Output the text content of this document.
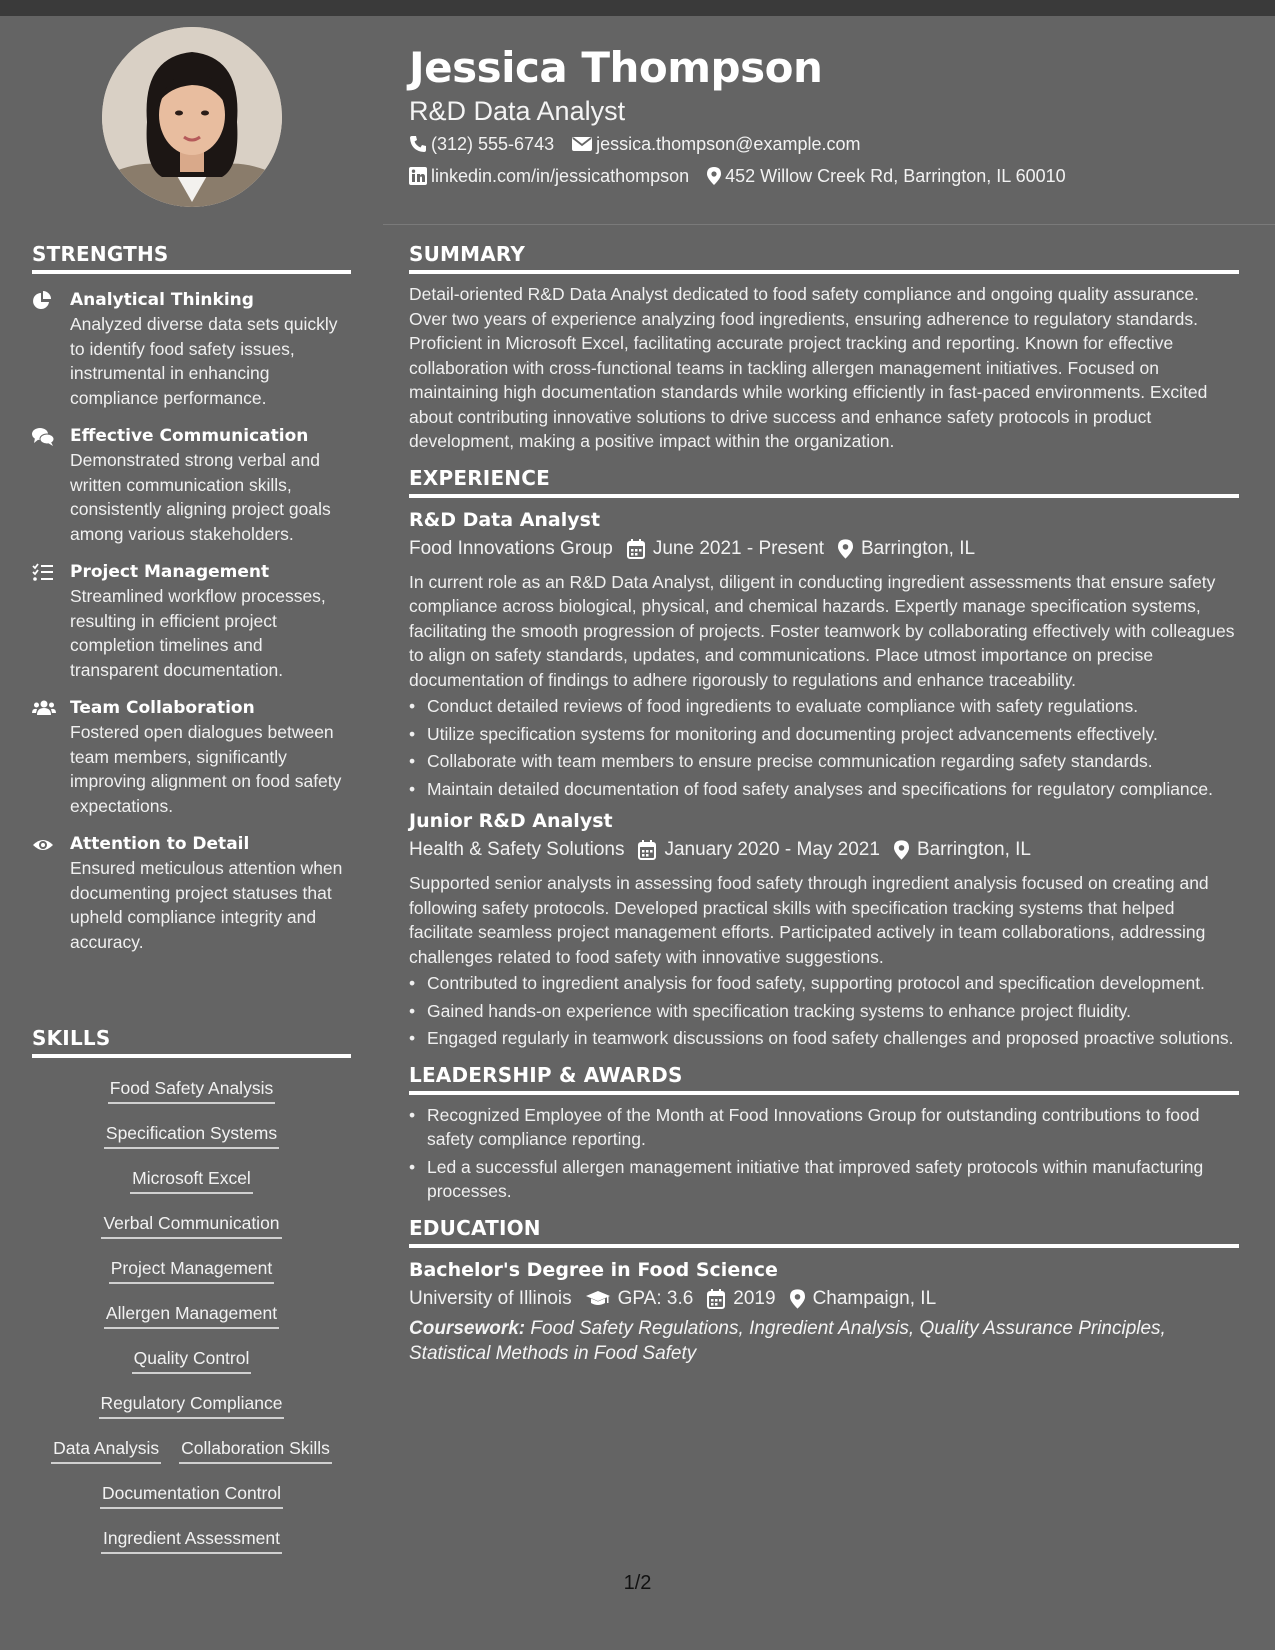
STRENGTHS
Analytical Thinking
Analyzed diverse data sets quickly to identify food safety issues, instrumental in enhancing compliance performance.
Effective Communication
Demonstrated strong verbal and written communication skills, consistently aligning project goals among various stakeholders.
Project Management
Streamlined workflow processes, resulting in efficient project completion timelines and transparent documentation.
Team Collaboration
Fostered open dialogues between team members, significantly improving alignment on food safety expectations.
Attention to Detail
Ensured meticulous attention when documenting project statuses that upheld compliance integrity and accuracy.
SKILLS
Food Safety Analysis
Specification Systems
Microsoft Excel
Verbal Communication
Project Management
Allergen Management
Quality Control
Regulatory Compliance
Data Analysis Collaboration Skills
Documentation Control
Ingredient Assessment
Jessica Thompson
R&D Data Analyst
(312) 555-6743 jessica.thompson@example.com
linkedin.com/in/jessicathompson 452 Willow Creek Rd, Barrington, IL 60010
SUMMARY
Detail-oriented R&D Data Analyst dedicated to food safety compliance and ongoing quality assurance. Over two years of experience analyzing food ingredients, ensuring adherence to regulatory standards. Proficient in Microsoft Excel, facilitating accurate project tracking and reporting. Known for effective collaboration with cross-functional teams in tackling allergen management initiatives. Focused on maintaining high documentation standards while working efficiently in fast-paced environments. Excited about contributing innovative solutions to drive success and enhance safety protocols in product development, making a positive impact within the organization.
EXPERIENCE
R&D Data Analyst
Food Innovations Group June 2021 - Present Barrington, IL
In current role as an R&D Data Analyst, diligent in conducting ingredient assessments that ensure safety compliance across biological, physical, and chemical hazards. Expertly manage specification systems, facilitating the smooth progression of projects. Foster teamwork by collaborating effectively with colleagues to align on safety standards, updates, and communications. Place utmost importance on precise documentation of findings to adhere rigorously to regulations and enhance traceability.
• Conduct detailed reviews of food ingredients to evaluate compliance with safety regulations.
• Utilize specification systems for monitoring and documenting project advancements effectively.
• Collaborate with team members to ensure precise communication regarding safety standards.
• Maintain detailed documentation of food safety analyses and specifications for regulatory compliance.
Junior R&D Analyst
Health & Safety Solutions January 2020 - May 2021 Barrington, IL
Supported senior analysts in assessing food safety through ingredient analysis focused on creating and following safety protocols. Developed practical skills with specification tracking systems that helped facilitate seamless project management efforts. Participated actively in team collaborations, addressing challenges related to food safety with innovative suggestions.
• Contributed to ingredient analysis for food safety, supporting protocol and specification development.
• Gained hands-on experience with specification tracking systems to enhance project fluidity.
• Engaged regularly in teamwork discussions on food safety challenges and proposed proactive solutions.
LEADERSHIP & AWARDS
• Recognized Employee of the Month at Food Innovations Group for outstanding contributions to food safety compliance reporting.
• Led a successful allergen management initiative that improved safety protocols within manufacturing processes.
EDUCATION
Bachelor's Degree in Food Science
University of Illinois GPA: 3.6 2019 Champaign, IL
Coursework: Food Safety Regulations, Ingredient Analysis, Quality Assurance Principles, Statistical Methods in Food Safety
1/2
